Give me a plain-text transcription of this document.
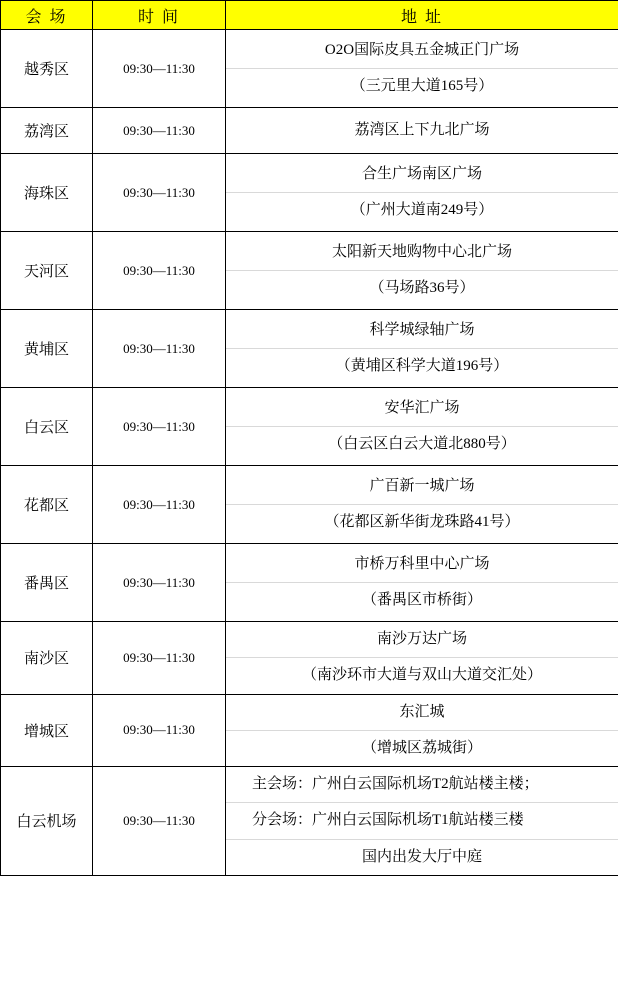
会 场	时 间	地 址
越秀区	09:30—11:30	O2O国际皮具五金城正门广场
（三元里大道165号）

荔湾区	09:30—11:30	荔湾区上下九北广场

海珠区	09:30—11:30	合生广场南区广场
（广州大道南249号）

天河区	09:30—11:30	太阳新天地购物中心北广场
（马场路36号）

黄埔区	09:30—11:30	科学城绿轴广场
（黄埔区科学大道196号）

白云区	09:30—11:30	安华汇广场
（白云区白云大道北880号）

花都区	09:30—11:30	广百新一城广场
（花都区新华街龙珠路41号）

番禺区	09:30—11:30	市桥万科里中心广场
（番禺区市桥街）

南沙区	09:30—11:30	南沙万达广场
（南沙环市大道与双山大道交汇处）

增城区	09:30—11:30	东汇城
（增城区荔城街）

白云机场	09:30—11:30	主会场：广州白云国际机场T2航站楼主楼；
分会场：广州白云国际机场T1航站楼三楼
国内出发大厅中庭
